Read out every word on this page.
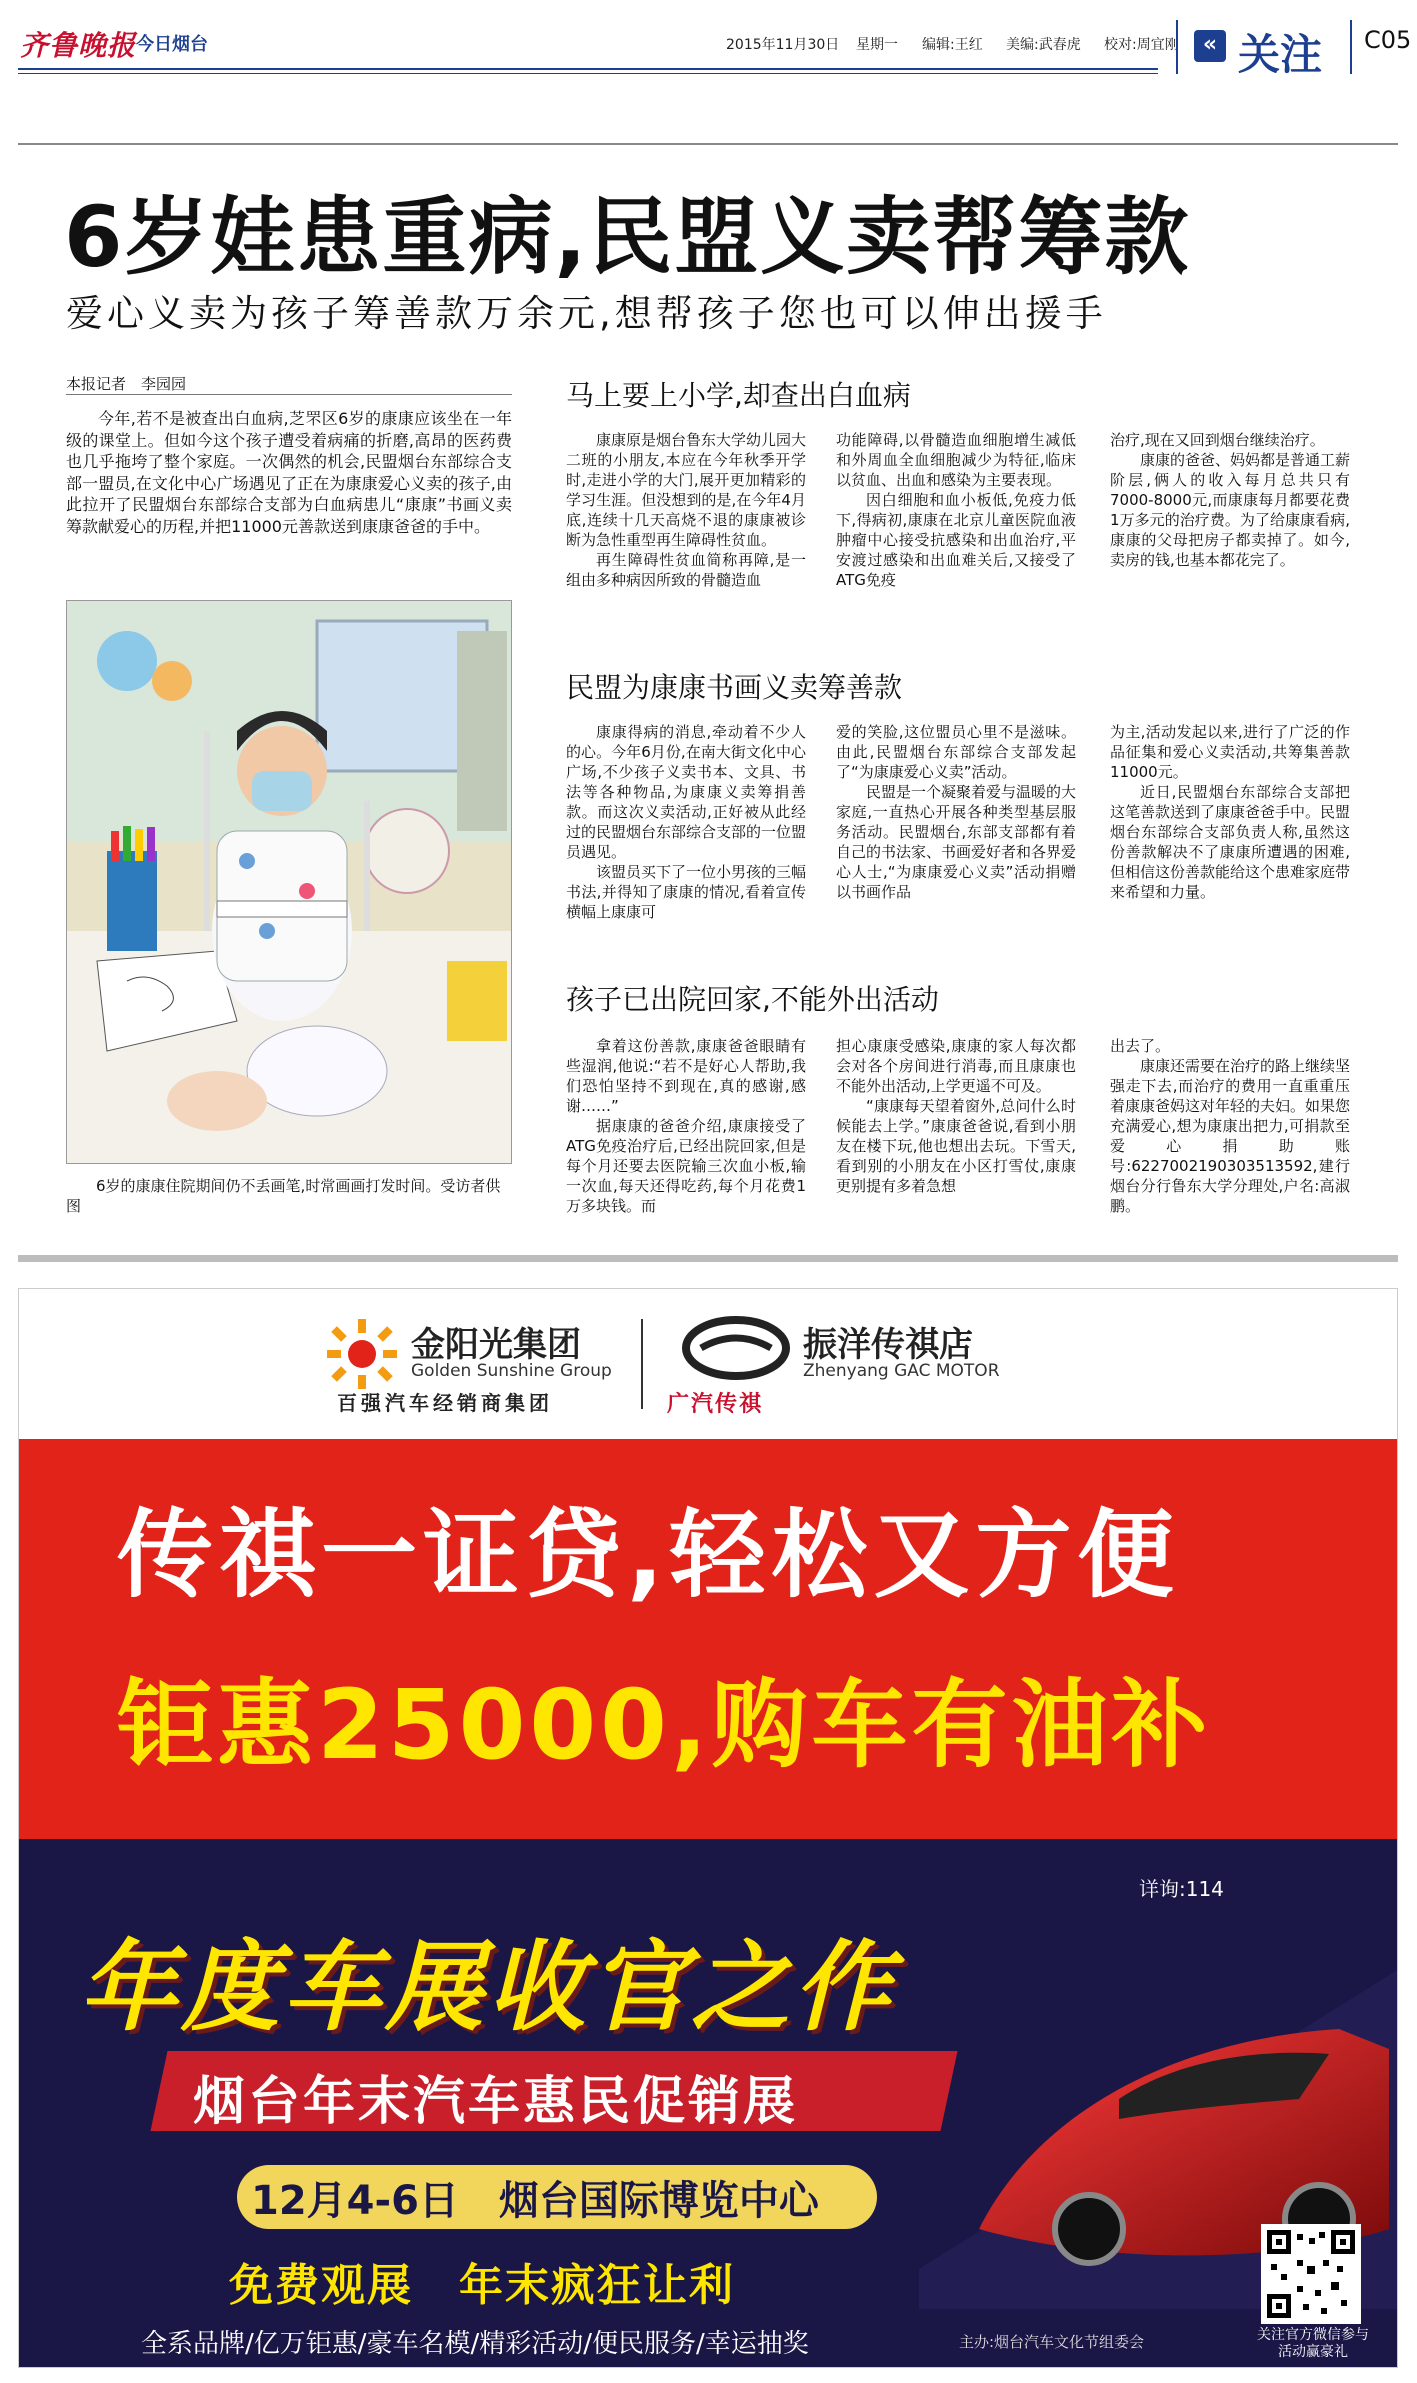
齐鲁晚报 今日烟台	2015年11月30日 星期一 编辑:王红 美编:武春虎 校对:周宜刚	« 关注 C05
6岁娃患重病,民盟义卖帮筹款
爱心义卖为孩子筹善款万余元,想帮孩子您也可以伸出援手
本报记者　李园园
今年,若不是被查出白血病,芝罘区6岁的康康应该坐在一年级的课堂上。但如今这个孩子遭受着病痛的折磨,高昂的医药费也几乎拖垮了整个家庭。一次偶然的机会,民盟烟台东部综合支部一盟员,在文化中心广场遇见了正在为康康爱心义卖的孩子,由此拉开了民盟烟台东部综合支部为白血病患儿“康康”书画义卖筹款献爱心的历程,并把11000元善款送到康康爸爸的手中。
6岁的康康住院期间仍不丢画笔,时常画画打发时间。受访者供图
马上要上小学,却查出白血病
康康原是烟台鲁东大学幼儿园大二班的小朋友,本应在今年秋季开学时,走进小学的大门,展开更加精彩的学习生涯。但没想到的是,在今年4月底,连续十几天高烧不退的康康被诊断为急性重型再生障碍性贫血。
再生障碍性贫血简称再障,是一组由多种病因所致的骨髓造血
功能障碍,以骨髓造血细胞增生减低和外周血全血细胞减少为特征,临床以贫血、出血和感染为主要表现。
因白细胞和血小板低,免疫力低下,得病初,康康在北京儿童医院血液肿瘤中心接受抗感染和出血治疗,平安渡过感染和出血难关后,又接受了ATG免疫
治疗,现在又回到烟台继续治疗。
康康的爸爸、妈妈都是普通工薪阶层,俩人的收入每月总共只有7000-8000元,而康康每月都要花费1万多元的治疗费。为了给康康看病,康康的父母把房子都卖掉了。如今,卖房的钱,也基本都花完了。
民盟为康康书画义卖筹善款
康康得病的消息,牵动着不少人的心。今年6月份,在南大街文化中心广场,不少孩子义卖书本、文具、书法等各种物品,为康康义卖筹捐善款。而这次义卖活动,正好被从此经过的民盟烟台东部综合支部的一位盟员遇见。
该盟员买下了一位小男孩的三幅书法,并得知了康康的情况,看着宣传横幅上康康可
爱的笑脸,这位盟员心里不是滋味。由此,民盟烟台东部综合支部发起了“为康康爱心义卖”活动。
民盟是一个凝聚着爱与温暖的大家庭,一直热心开展各种类型基层服务活动。民盟烟台,东部支部都有着自己的书法家、书画爱好者和各界爱心人士,“为康康爱心义卖”活动捐赠以书画作品
为主,活动发起以来,进行了广泛的作品征集和爱心义卖活动,共筹集善款11000元。
近日,民盟烟台东部综合支部把这笔善款送到了康康爸爸手中。民盟烟台东部综合支部负责人称,虽然这份善款解决不了康康所遭遇的困难,但相信这份善款能给这个患难家庭带来希望和力量。
孩子已出院回家,不能外出活动
拿着这份善款,康康爸爸眼睛有些湿润,他说:“若不是好心人帮助,我们恐怕坚持不到现在,真的感谢,感谢……”
据康康的爸爸介绍,康康接受了ATG免疫治疗后,已经出院回家,但是每个月还要去医院输三次血小板,输一次血,每天还得吃药,每个月花费1万多块钱。而
担心康康受感染,康康的家人每次都会对各个房间进行消毒,而且康康也不能外出活动,上学更遥不可及。
“康康每天望着窗外,总问什么时候能去上学。”康康爸爸说,看到小朋友在楼下玩,他也想出去玩。下雪天,看到别的小朋友在小区打雪仗,康康更别提有多着急想
出去了。
康康还需要在治疗的路上继续坚强走下去,而治疗的费用一直重重压着康康爸妈这对年轻的夫妇。如果您充满爱心,想为康康出把力,可捐款至爱心捐助账号:6227002190303513592,建行烟台分行鲁东大学分理处,户名:高淑鹏。
金阳光集团
Golden Sunshine Group
百强汽车经销商集团
振洋传祺店
Zhenyang GAC MOTOR
广汽传祺
传祺一证贷,轻松又方便
钜惠25000,购车有油补
详询:114
年度车展收官之作
烟台年末汽车惠民促销展
12月4-6日　烟台国际博览中心
免费观展　年末疯狂让利
全系品牌/亿万钜惠/豪车名模/精彩活动/便民服务/幸运抽奖	主办:烟台汽车文化节组委会	关注官方微信参与活动赢豪礼
